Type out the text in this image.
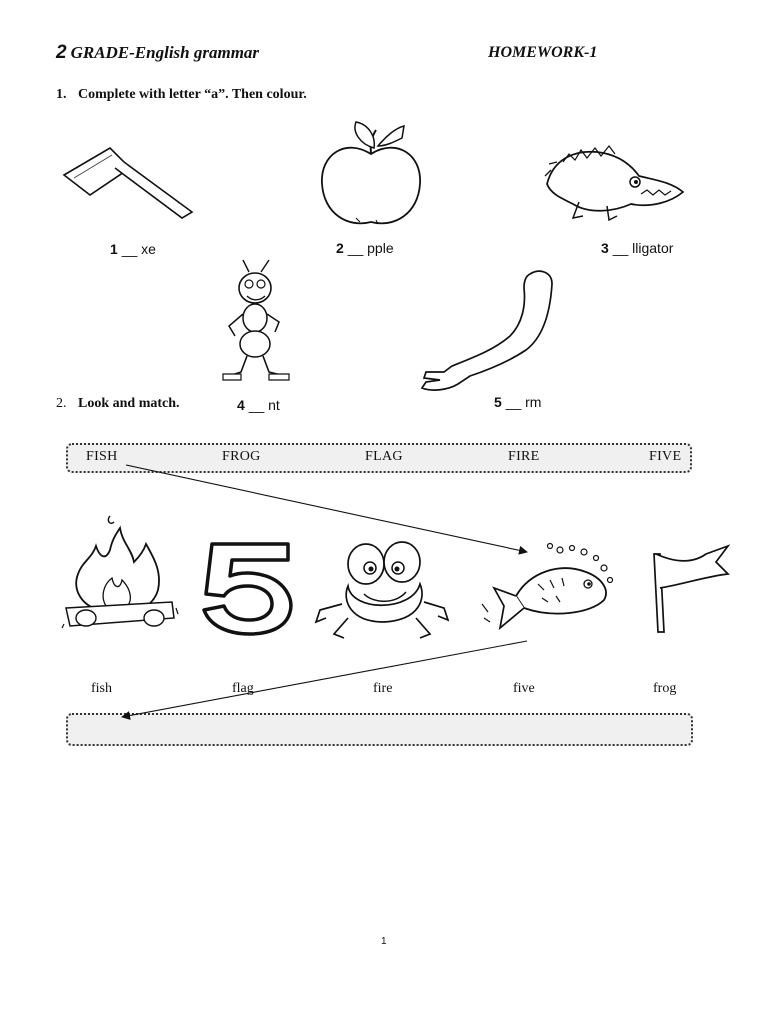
2 GRADE-English grammar	HOMEWORK-1
1. Complete with letter “a”. Then colour.
1 __ xe	2 __ pple	3 __ lligator
4 __ nt	5 __ rm
2. Look and match.
FISH	FROG	FLAG	FIRE	FIVE
fish	flag	fire	five	frog
1
